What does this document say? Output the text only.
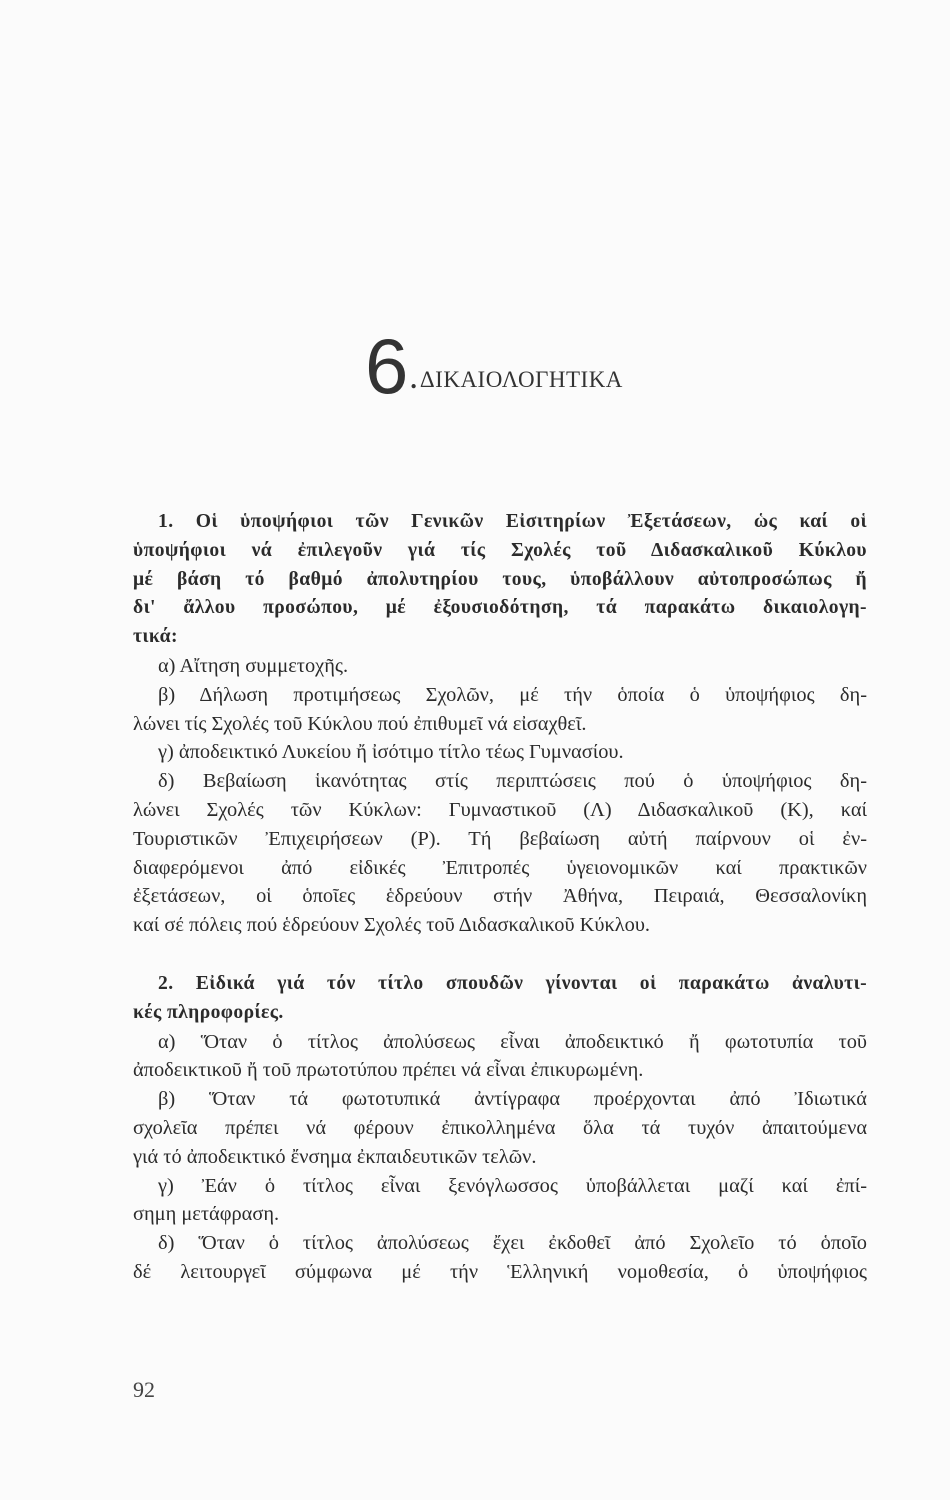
6 . ΔΙΚΑΙΟΛΟΓΗΤΙΚΑ
1. Οἱ ὑποψήφιοι τῶν Γενικῶν Εἰσιτηρίων Ἐξετάσεων, ὡς καί οἱ
ὑποψήφιοι νά ἐπιλεγοῦν γιά τίς Σχολές τοῦ Διδασκαλικοῦ Κύκλου
μέ βάση τό βαθμό ἀπολυτηρίου τους, ὑποβάλλουν αὐτοπροσώπως ἤ
δι' ἄλλου προσώπου, μέ ἐξουσιοδότηση, τά παρακάτω δικαιολογη-
τικά:
α) Αἴτηση συμμετοχῆς.
β) Δήλωση προτιμήσεως Σχολῶν, μέ τήν ὁποία ὁ ὑποψήφιος δη-
λώνει τίς Σχολές τοῦ Κύκλου πού ἐπιθυμεῖ νά εἰσαχθεῖ.
γ) ἀποδεικτικό Λυκείου ἤ ἰσότιμο τίτλο τέως Γυμνασίου.
δ) Βεβαίωση ἱκανότητας στίς περιπτώσεις πού ὁ ὑποψήφιος δη-
λώνει Σχολές τῶν Κύκλων: Γυμναστικοῦ (Λ) Διδασκαλικοῦ (Κ), καί
Τουριστικῶν Ἐπιχειρήσεων (Ρ). Τή βεβαίωση αὐτή παίρνουν οἱ ἐν-
διαφερόμενοι ἀπό εἰδικές Ἐπιτροπές ὑγειονομικῶν καί πρακτικῶν
ἐξετάσεων, οἱ ὁποῖες ἑδρεύουν στήν Ἀθήνα, Πειραιά, Θεσσαλονίκη
καί σέ πόλεις πού ἑδρεύουν Σχολές τοῦ Διδασκαλικοῦ Κύκλου.
2. Εἰδικά γιά τόν τίτλο σπουδῶν γίνονται οἱ παρακάτω ἀναλυτι-
κές πληροφορίες.
α) Ὅταν ὁ τίτλος ἀπολύσεως εἶναι ἀποδεικτικό ἤ φωτοτυπία τοῦ
ἀποδεικτικοῦ ἤ τοῦ πρωτοτύπου πρέπει νά εἶναι ἐπικυρωμένη.
β) Ὅταν τά φωτοτυπικά ἀντίγραφα προέρχονται ἀπό Ἰδιωτικά
σχολεῖα πρέπει νά φέρουν ἐπικολλημένα ὅλα τά τυχόν ἀπαιτούμενα
γιά τό ἀποδεικτικό ἔνσημα ἐκπαιδευτικῶν τελῶν.
γ) Ἐάν ὁ τίτλος εἶναι ξενόγλωσσος ὑποβάλλεται μαζί καί ἐπί-
σημη μετάφραση.
δ) Ὅταν ὁ τίτλος ἀπολύσεως ἔχει ἐκδοθεῖ ἀπό Σχολεῖο τό ὁποῖο
δέ λειτουργεῖ σύμφωνα μέ τήν Ἑλληνική νομοθεσία, ὁ ὑποψήφιος
92
